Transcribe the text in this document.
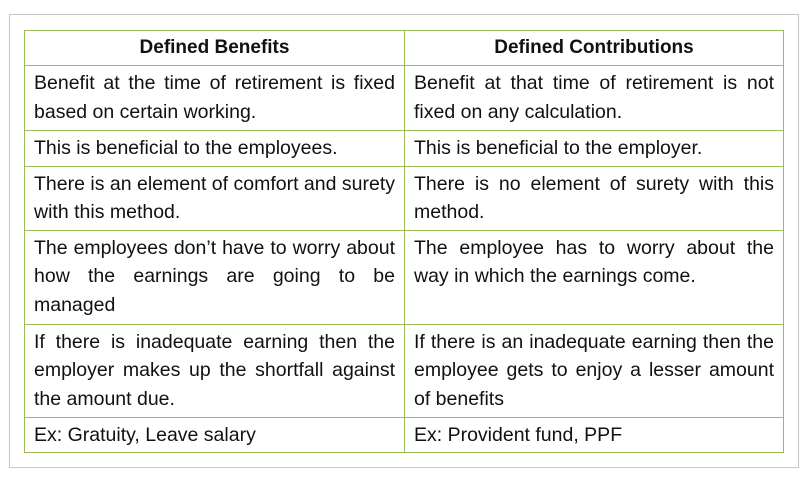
Defined Benefits	Defined Contributions
Benefit at the time of retirement is fixed based on certain working.	Benefit at that time of retirement is not fixed on any calculation.
This is beneficial to the employees.	This is beneficial to the employer.
There is an element of comfort and surety with this method.	There is no element of surety with this method.
The employees don’t have to worry about how the earnings are going to be managed	The employee has to worry about the way in which the earnings come.
If there is inadequate earning then the employer makes up the shortfall against the amount due.	If there is an inadequate earning then the employee gets to enjoy a lesser amount of benefits
Ex: Gratuity, Leave salary	Ex: Provident fund, PPF
